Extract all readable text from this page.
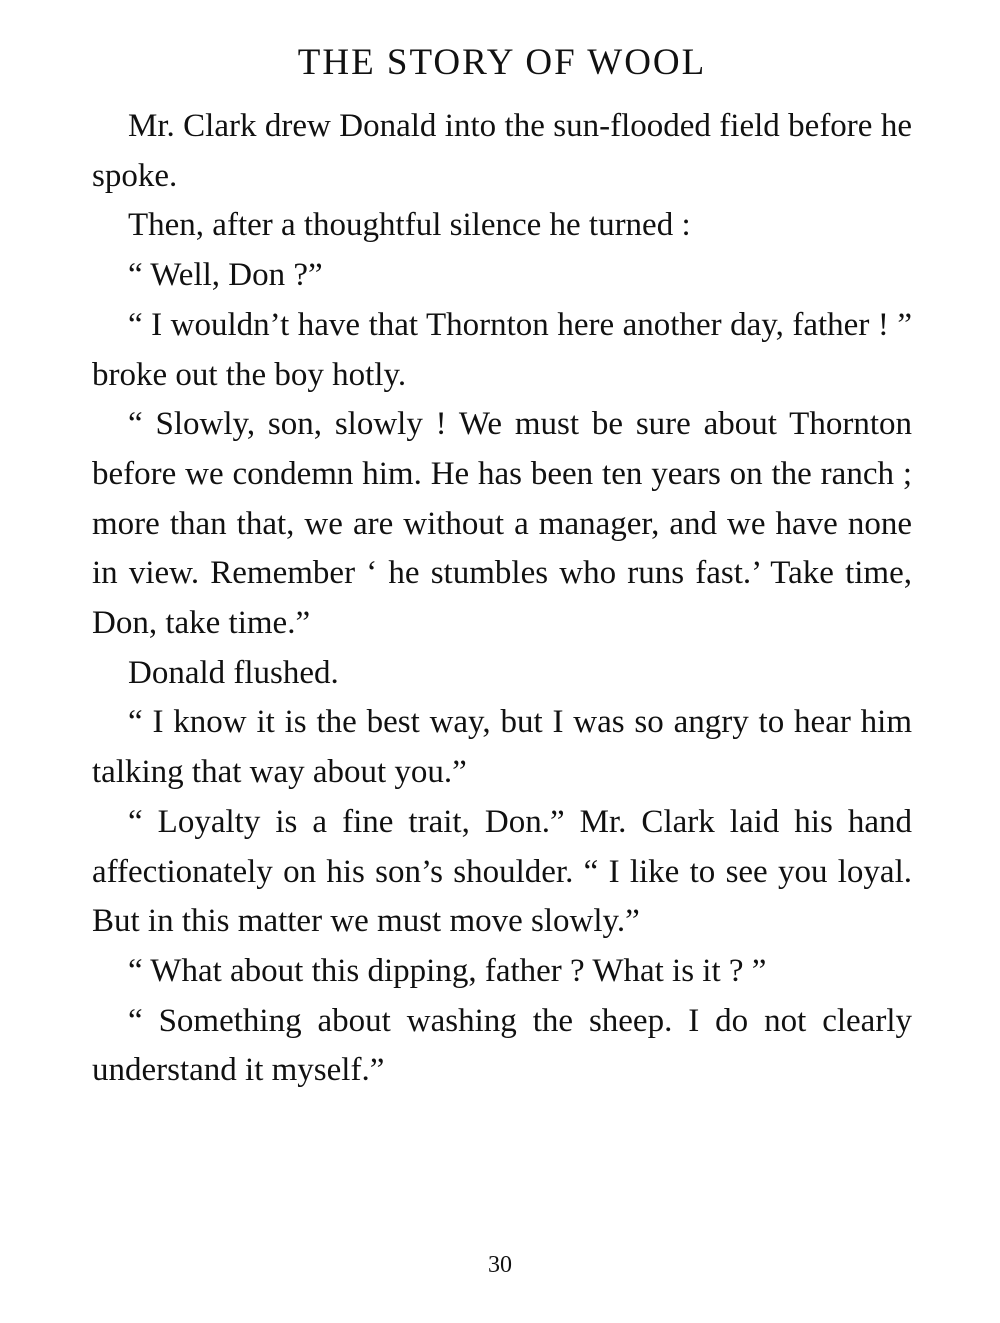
THE STORY OF WOOL

Mr. Clark drew Donald into the sun-flooded field before he spoke.

Then, after a thoughtful silence he turned :

“ Well, Don ?”

“ I wouldn’t have that Thornton here another day, father ! ” broke out the boy hotly.

“ Slowly, son, slowly ! We must be sure about Thornton before we condemn him. He has been ten years on the ranch ; more than that, we are without a manager, and we have none in view. Remember ‘ he stumbles who runs fast.’ Take time, Don, take time.”

Donald flushed.

“ I know it is the best way, but I was so angry to hear him talking that way about you.”

“ Loyalty is a fine trait, Don.” Mr. Clark laid his hand affectionately on his son’s shoulder. “ I like to see you loyal. But in this matter we must move slowly.”

“ What about this dipping, father ? What is it ? ”

“ Something about washing the sheep. I do not clearly understand it myself.”

30
